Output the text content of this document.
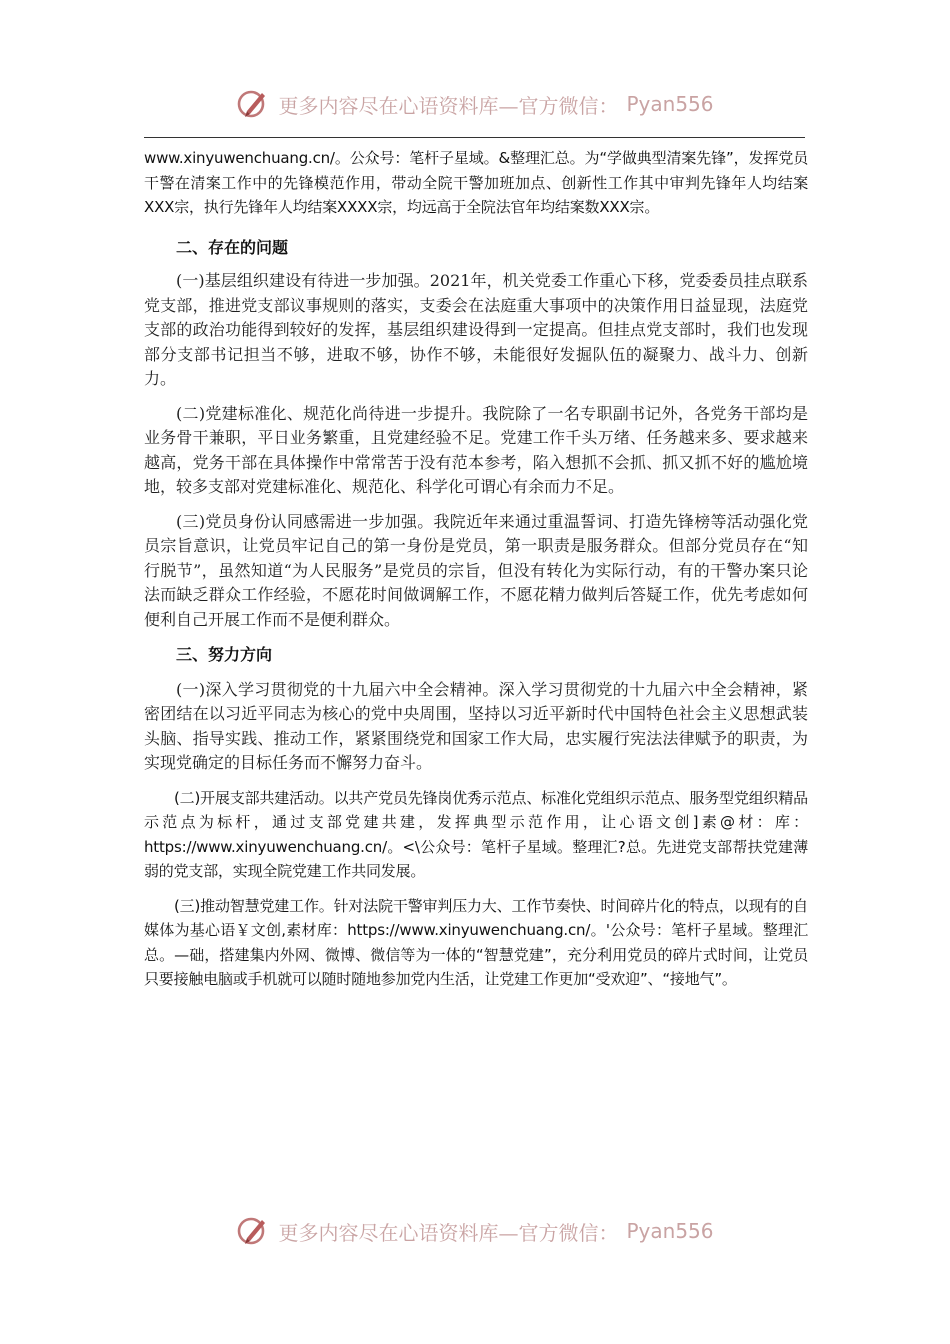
更多内容尽在心语资料库—官方微信： Pyan556

www.xinyuwenchuang.cn/。公众号：笔杆子星域。&整理汇总。为“学做典型清案先锋”，发挥党员干警在清案工作中的先锋模范作用，带动全院干警加班加点、创新性工作其中审判先锋年人均结案XXX宗，执行先锋年人均结案XXXX宗，均远高于全院法官年均结案数XXX宗。

二、存在的问题

(一)基层组织建设有待进一步加强。2021年，机关党委工作重心下移，党委委员挂点联系党支部，推进党支部议事规则的落实，支委会在法庭重大事项中的决策作用日益显现，法庭党支部的政治功能得到较好的发挥，基层组织建设得到一定提高。但挂点党支部时，我们也发现部分支部书记担当不够，进取不够，协作不够，未能很好发掘队伍的凝聚力、战斗力、创新力。

(二)党建标准化、规范化尚待进一步提升。我院除了一名专职副书记外，各党务干部均是业务骨干兼职，平日业务繁重，且党建经验不足。党建工作千头万绪、任务越来多、要求越来越高，党务干部在具体操作中常常苦于没有范本参考，陷入想抓不会抓、抓又抓不好的尴尬境地，较多支部对党建标准化、规范化、科学化可谓心有余而力不足。

(三)党员身份认同感需进一步加强。我院近年来通过重温誓词、打造先锋榜等活动强化党员宗旨意识，让党员牢记自己的第一身份是党员，第一职责是服务群众。但部分党员存在“知行脱节”，虽然知道“为人民服务”是党员的宗旨，但没有转化为实际行动，有的干警办案只论法而缺乏群众工作经验，不愿花时间做调解工作，不愿花精力做判后答疑工作，优先考虑如何便利自己开展工作而不是便利群众。

三、努力方向

(一)深入学习贯彻党的十九届六中全会精神。深入学习贯彻党的十九届六中全会精神，紧密团结在以习近平同志为核心的党中央周围，坚持以习近平新时代中国特色社会主义思想武装头脑、指导实践、推动工作，紧紧围绕党和国家工作大局，忠实履行宪法法律赋予的职责，为实现党确定的目标任务而不懈努力奋斗。

(二)开展支部共建活动。以共产党员先锋岗优秀示范点、标准化党组织示范点、服务型党组织精品示范点为标杆，通过支部党建共建，发挥典型示范作用，让心语文创]素@材：库：https://www.xinyuwenchuang.cn/。<\公众号：笔杆子星域。整理汇?总。先进党支部帮扶党建薄弱的党支部，实现全院党建工作共同发展。

(三)推动智慧党建工作。针对法院干警审判压力大、工作节奏快、时间碎片化的特点，以现有的自媒体为基心语￥文创,素材库：https://www.xinyuwenchuang.cn/。'公众号：笔杆子星域。整理汇总。—础，搭建集内外网、微博、微信等为一体的“智慧党建”，充分利用党员的碎片式时间，让党员只要接触电脑或手机就可以随时随地参加党内生活，让党建工作更加“受欢迎”、“接地气”。

更多内容尽在心语资料库—官方微信： Pyan556
